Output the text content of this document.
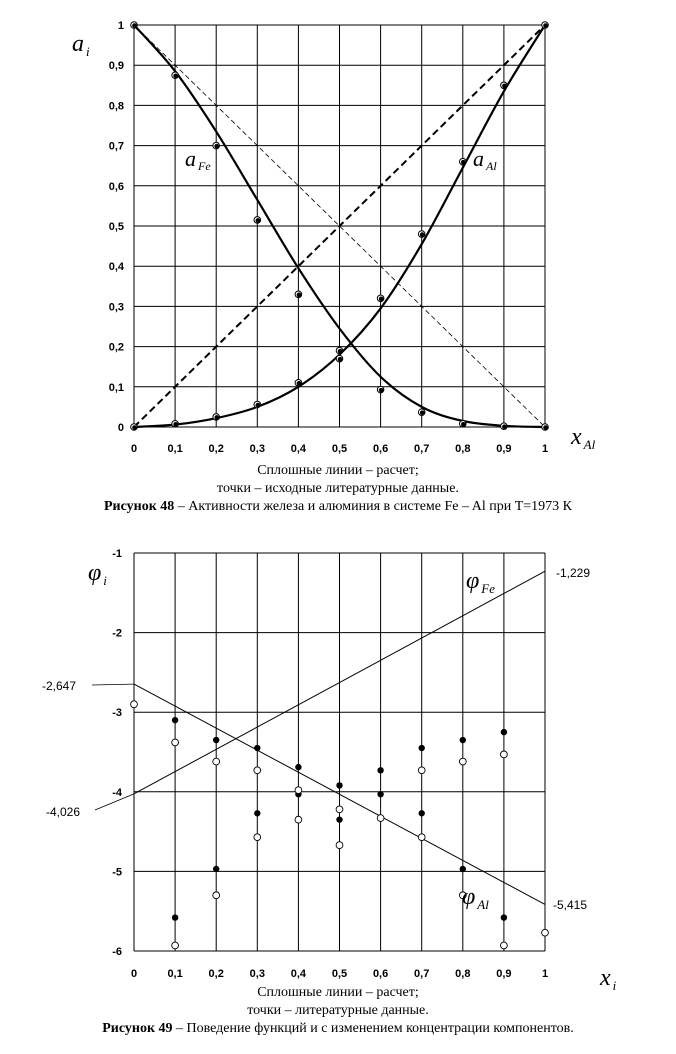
0	0,1 0,2 0,3 0,4 0,5 0,6 0,7 0,8 0,9	1
0
0,1
0,2
0,3
0,4
0,5
0,6
0,7
0,8
0,9
1
a Fe	a Al
a $_i$
x $_{Al}$
0	0,1 0,2 0,3 0,4 0,5 0,6 0,7 0,8 0,9	1
-6
-5
-4
-3
-2
-1
-2,647
-4,026
-1,229
-5,415
φ $_{Fe}$
φ $_{Al}$
φ $_i$
x $_i$
Сплошные линии – расчет;
точки – исходные литературные данные.
Рисунок 48 – Активности железа и алюминия в системе Fe – Al при T=1973 К
Сплошные линии – расчет;
точки – литературные данные.
Рисунок 49 – Поведение функций и с изменением концентрации компонентов.
